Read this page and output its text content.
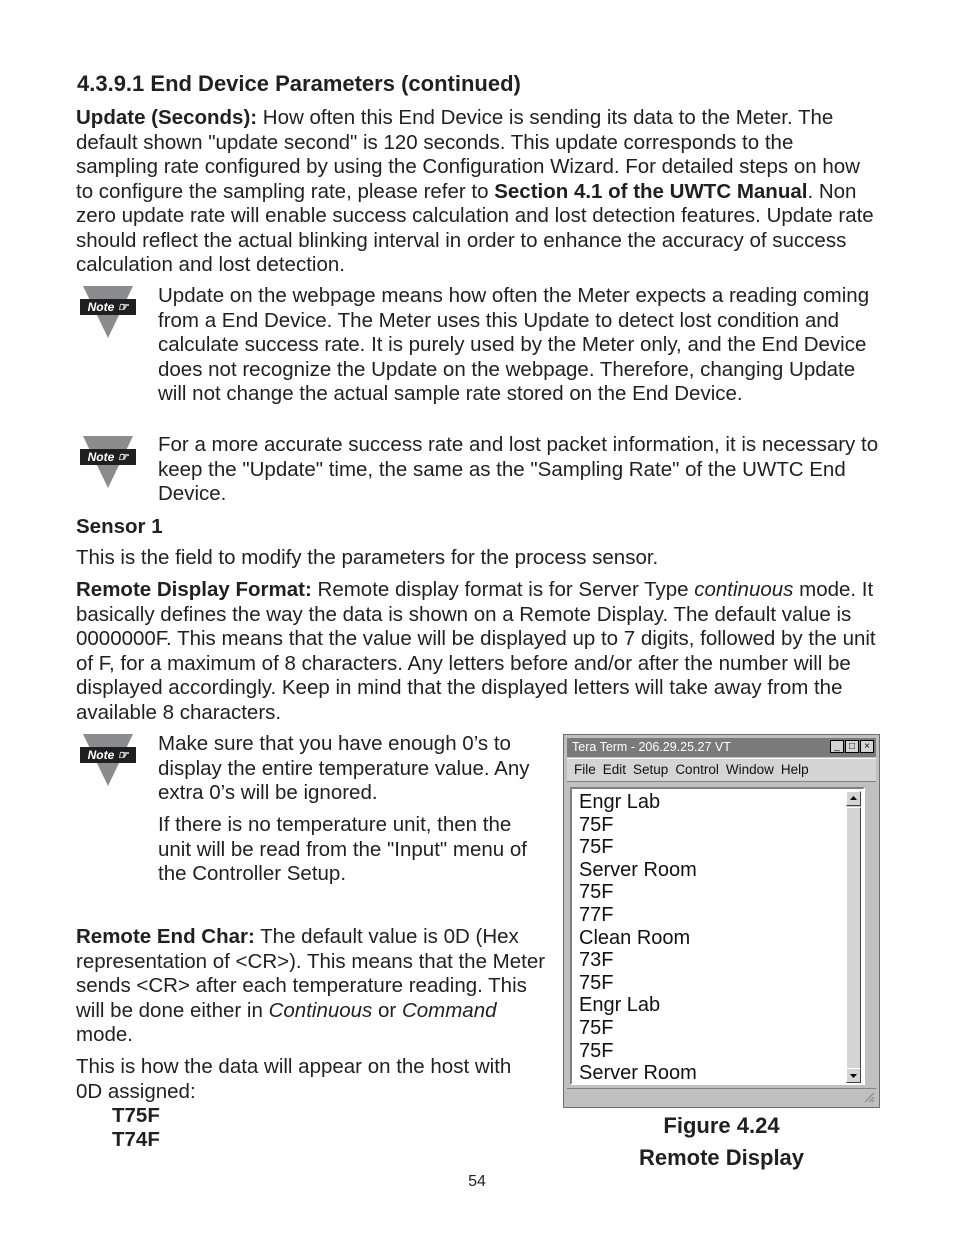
4.3.9.1 End Device Parameters (continued)

Update (Seconds): How often this End Device is sending its data to the Meter. The default shown "update second" is 120 seconds. This update corresponds to the sampling rate configured by using the Configuration Wizard. For detailed steps on how to configure the sampling rate, please refer to Section 4.1 of the UWTC Manual. Non zero update rate will enable success calculation and lost detection features. Update rate should reflect the actual blinking interval in order to enhance the accuracy of success calculation and lost detection.

Note ☞	Update on the webpage means how often the Meter expects a reading coming from a End Device. The Meter uses this Update to detect lost condition and calculate success rate. It is purely used by the Meter only, and the End Device does not recognize the Update on the webpage. Therefore, changing Update will not change the actual sample rate stored on the End Device.

Note ☞

For a more accurate success rate and lost packet information, it is necessary to keep the "Update" time, the same as the "Sampling Rate" of the UWTC End Device.

Sensor 1

This is the field to modify the parameters for the process sensor.

Remote Display Format: Remote display format is for Server Type continuous mode. It basically defines the way the data is shown on a Remote Display. The default value is 0000000F. This means that the value will be displayed up to 7 digits, followed by the unit of F, for a maximum of 8 characters. Any letters before and/or after the number will be displayed accordingly. Keep in mind that the displayed letters will take away from the available 8 characters.

Note ☞	Make sure that you have enough 0’s to display the entire temperature value. Any extra 0’s will be ignored.

If there is no temperature unit, then the unit will be read from the "Input" menu of the Controller Setup.

Remote End Char: The default value is 0D (Hex representation of <CR>). This means that the Meter sends <CR> after each temperature reading. This will be done either in Continuous or Command mode.

This is how the data will appear on the host with 0D assigned:

T75F
T74F
Tera Term - 206.29.25.27 VT	_ □ ×
File Edit Setup Control Window Help
Engr Lab
75F
75F
Server Room
75F
77F
Clean Room
73F
75F
Engr Lab
75F
75F
Server Room
Figure 4.24
Remote Display
54
